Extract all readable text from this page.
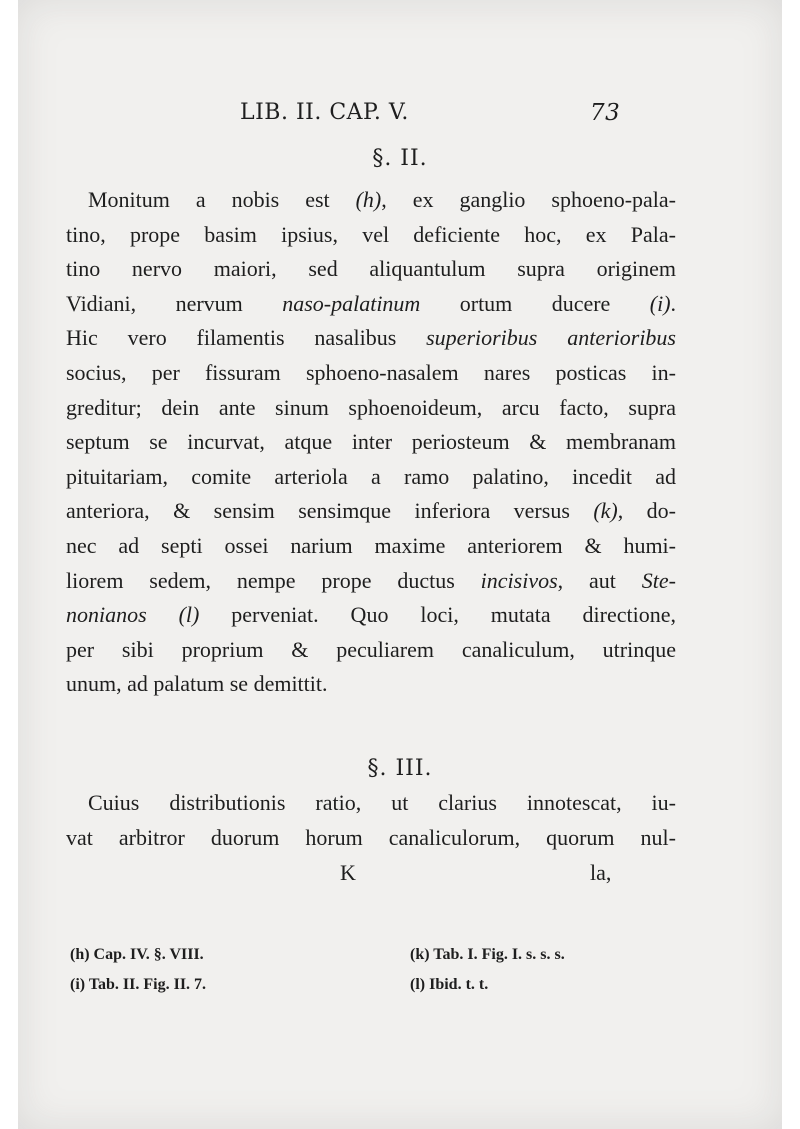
LIB. II. CAP. V.	73
§. II.
Monitum a nobis est (h), ex ganglio sphoeno-pala-
tino, prope basim ipsius, vel deficiente hoc, ex Pala-
tino nervo maiori, sed aliquantulum supra originem
Vidiani, nervum naso-palatinum ortum ducere (i).
Hic vero filamentis nasalibus superioribus anterioribus
socius, per fissuram sphoeno-nasalem nares posticas in-
greditur; dein ante sinum sphoenoideum, arcu facto, supra
septum se incurvat, atque inter periosteum & membranam
pituitariam, comite arteriola a ramo palatino, incedit ad
anteriora, & sensim sensimque inferiora versus (k), do-
nec ad septi ossei narium maxime anteriorem & humi-
liorem sedem, nempe prope ductus incisivos, aut Ste-
nonianos (l) perveniat. Quo loci, mutata directione,
per sibi proprium & peculiarem canaliculum, utrinque
unum, ad palatum se demittit.
§. III.
Cuius distributionis ratio, ut clarius innotescat, iu-
vat arbitror duorum horum canaliculorum, quorum nul-
K	la,
(h) Cap. IV. §. VIII.
(i) Tab. II. Fig. II. 7.
(k) Tab. I. Fig. I. s. s. s.
(l) Ibid. t. t.
